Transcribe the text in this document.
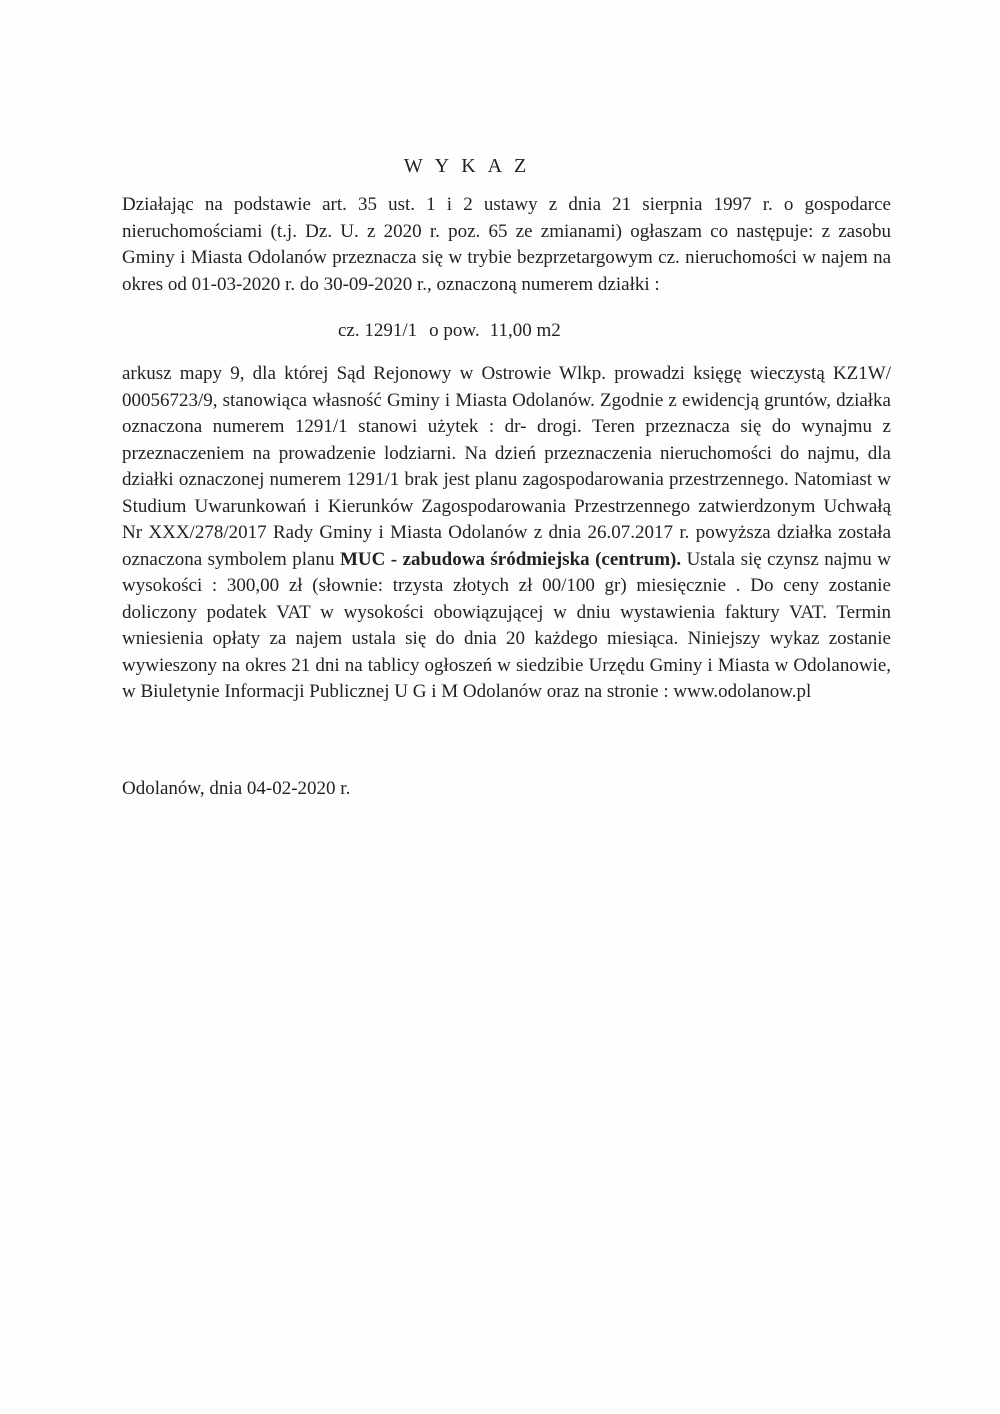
W Y K A Z

Działając na podstawie art. 35 ust. 1 i 2 ustawy z dnia 21 sierpnia 1997 r. o gospodarce nieruchomościami (t.j. Dz. U. z 2020 r. poz. 65 ze zmianami) ogłaszam co następuje: z zasobu Gminy i Miasta Odolanów przeznacza się w trybie bezprzetargowym cz. nieruchomości w najem na okres od 01-03-2020 r. do 30-09-2020 r., oznaczoną numerem działki :

cz. 1291/1 o pow. 11,00 m2

arkusz mapy 9, dla której Sąd Rejonowy w Ostrowie Wlkp. prowadzi księgę wieczystą KZ1W/ 00056723/9, stanowiąca własność Gminy i Miasta Odolanów. Zgodnie z ewidencją gruntów, działka oznaczona numerem 1291/1 stanowi użytek : dr- drogi. Teren przeznacza się do wynajmu z przeznaczeniem na prowadzenie lodziarni. Na dzień przeznaczenia nieruchomości do najmu, dla działki oznaczonej numerem 1291/1 brak jest planu zagospodarowania przestrzennego. Natomiast w Studium Uwarunkowań i Kierunków Zagospodarowania Przestrzennego zatwierdzonym Uchwałą Nr XXX/278/2017 Rady Gminy i Miasta Odolanów z dnia 26.07.2017 r. powyższa działka została oznaczona symbolem planu MUC - zabudowa śródmiejska (centrum). Ustala się czynsz najmu w wysokości : 300,00 zł (słownie: trzysta złotych zł 00/100 gr) miesięcznie . Do ceny zostanie doliczony podatek VAT w wysokości obowiązującej w dniu wystawienia faktury VAT. Termin wniesienia opłaty za najem ustala się do dnia 20 każdego miesiąca. Niniejszy wykaz zostanie wywieszony na okres 21 dni na tablicy ogłoszeń w siedzibie Urzędu Gminy i Miasta w Odolanowie, w Biuletynie Informacji Publicznej U G i M Odolanów oraz na stronie : www.odolanow.pl

Odolanów, dnia 04-02-2020 r.
